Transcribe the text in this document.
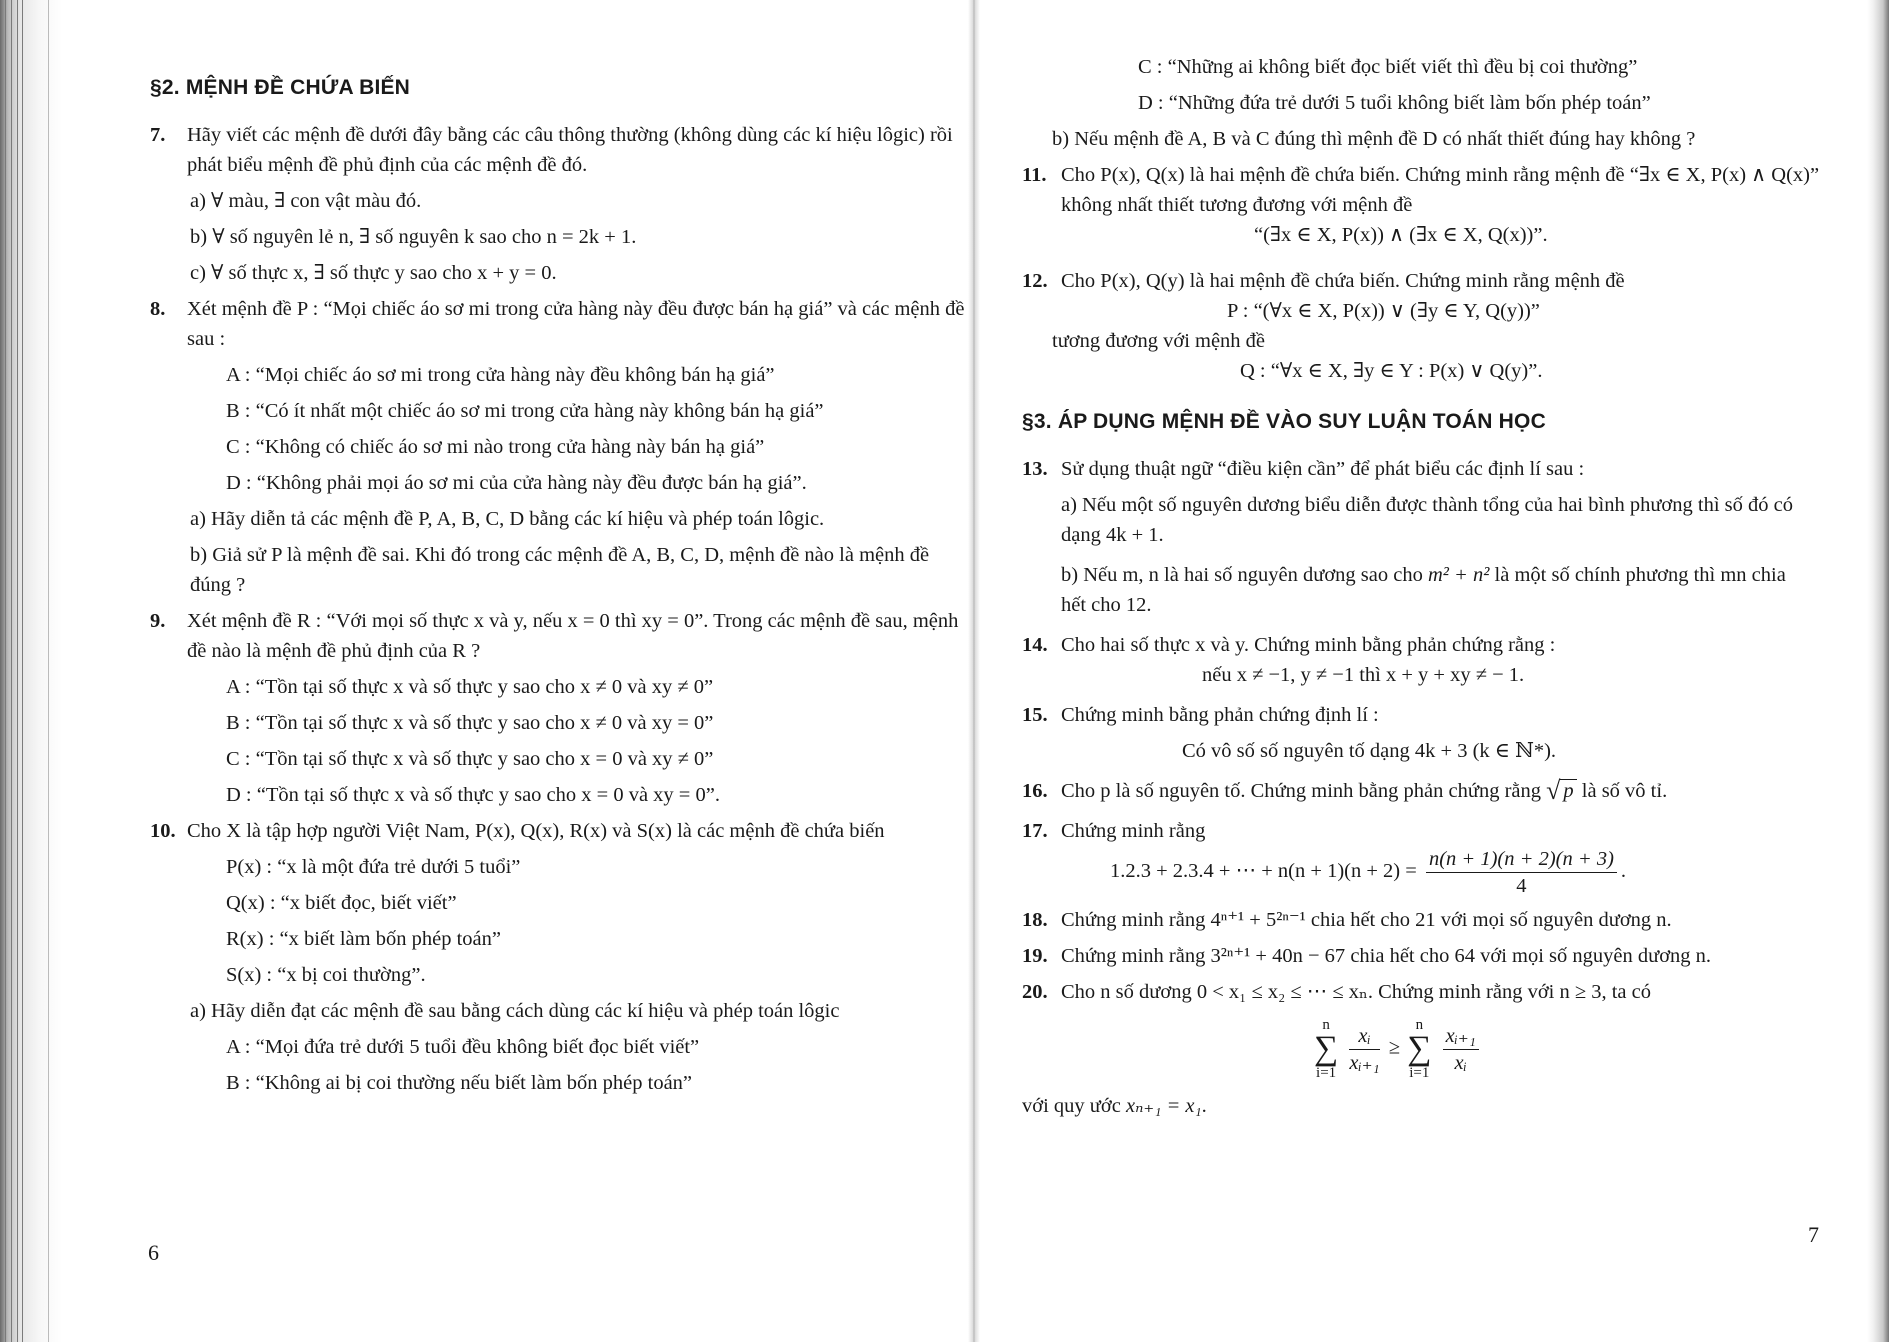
§2. MỆNH ĐỀ CHỨA BIẾN
7. Hãy viết các mệnh đề dưới đây bằng các câu thông thường (không dùng các kí hiệu lôgic) rồi phát biểu mệnh đề phủ định của các mệnh đề đó.
a) ∀ màu, ∃ con vật màu đó.
b) ∀ số nguyên lẻ n, ∃ số nguyên k sao cho n = 2k + 1.
c) ∀ số thực x, ∃ số thực y sao cho x + y = 0.
8. Xét mệnh đề P : “Mọi chiếc áo sơ mi trong cửa hàng này đều được bán hạ giá” và các mệnh đề sau :
A : “Mọi chiếc áo sơ mi trong cửa hàng này đều không bán hạ giá”
B : “Có ít nhất một chiếc áo sơ mi trong cửa hàng này không bán hạ giá”
C : “Không có chiếc áo sơ mi nào trong cửa hàng này bán hạ giá”
D : “Không phải mọi áo sơ mi của cửa hàng này đều được bán hạ giá”.
a) Hãy diễn tả các mệnh đề P, A, B, C, D bằng các kí hiệu và phép toán lôgic.
b) Giả sử P là mệnh đề sai. Khi đó trong các mệnh đề A, B, C, D, mệnh đề nào là mệnh đề đúng ?
9. Xét mệnh đề R : “Với mọi số thực x và y, nếu x = 0 thì xy = 0”. Trong các mệnh đề sau, mệnh đề nào là mệnh đề phủ định của R ?
A : “Tồn tại số thực x và số thực y sao cho x ≠ 0 và xy ≠ 0”
B : “Tồn tại số thực x và số thực y sao cho x ≠ 0 và xy = 0”
C : “Tồn tại số thực x và số thực y sao cho x = 0 và xy ≠ 0”
D : “Tồn tại số thực x và số thực y sao cho x = 0 và xy = 0”.
10. Cho X là tập hợp người Việt Nam, P(x), Q(x), R(x) và S(x) là các mệnh đề chứa biến
P(x) : “x là một đứa trẻ dưới 5 tuổi”
Q(x) : “x biết đọc, biết viết”
R(x) : “x biết làm bốn phép toán”
S(x) : “x bị coi thường”.
a) Hãy diễn đạt các mệnh đề sau bằng cách dùng các kí hiệu và phép toán lôgic
A : “Mọi đứa trẻ dưới 5 tuổi đều không biết đọc biết viết”
B : “Không ai bị coi thường nếu biết làm bốn phép toán”
6
C : “Những ai không biết đọc biết viết thì đều bị coi thường”
D : “Những đứa trẻ dưới 5 tuổi không biết làm bốn phép toán”
b) Nếu mệnh đề A, B và C đúng thì mệnh đề D có nhất thiết đúng hay không ?
11. Cho P(x), Q(x) là hai mệnh đề chứa biến. Chứng minh rằng mệnh đề “∃x ∈ X, P(x) ∧ Q(x)” không nhất thiết tương đương với mệnh đề
“(∃x ∈ X, P(x)) ∧ (∃x ∈ X, Q(x))”.
12. Cho P(x), Q(y) là hai mệnh đề chứa biến. Chứng minh rằng mệnh đề
P : “(∀x ∈ X, P(x)) ∨ (∃y ∈ Y, Q(y))”
tương đương với mệnh đề
Q : “∀x ∈ X, ∃y ∈ Y : P(x) ∨ Q(y)”.
§3. ÁP DỤNG MỆNH ĐỀ VÀO SUY LUẬN TOÁN HỌC
13. Sử dụng thuật ngữ “điều kiện cần” để phát biểu các định lí sau :
a) Nếu một số nguyên dương biểu diễn được thành tổng của hai bình phương thì số đó có dạng 4k + 1.
b) Nếu m, n là hai số nguyên dương sao cho m² + n² là một số chính phương thì mn chia hết cho 12.
14. Cho hai số thực x và y. Chứng minh bằng phản chứng rằng :
nếu x ≠ −1, y ≠ −1 thì x + y + xy ≠ − 1.
15. Chứng minh bằng phản chứng định lí :
Có vô số số nguyên tố dạng 4k + 3 (k ∈ ℕ*).
16. Cho p là số nguyên tố. Chứng minh bằng phản chứng rằng √ p là số vô tỉ.
17. Chứng minh rằng
1.2.3 + 2.3.4 + ⋯ + $n(n + 1)(n + 2) = \frac{n(n + 1)(n + 2)(n + 3)}{4}$ .
18. Chứng minh rằng 4ⁿ⁺¹ + 5²ⁿ⁻¹ chia hết cho 21 với mọi số nguyên dương n.
19. Chứng minh rằng 3²ⁿ⁺¹ + 40n − 67 chia hết cho 64 với mọi số nguyên dương n.
20. Cho n số dương 0 < x₁ ≤ x₂ ≤ ⋯ ≤ xₙ. Chứng minh rằng với n ≥ 3, ta có
n
∑
$i=1 \frac{\text{xᵢ}}{\text{xᵢ₊₁}} \ge n$
∑
$i=1 \frac{\text{xᵢ₊₁}}{\text{xᵢ}}$
với quy ước xₙ₊₁ = x₁.
7
